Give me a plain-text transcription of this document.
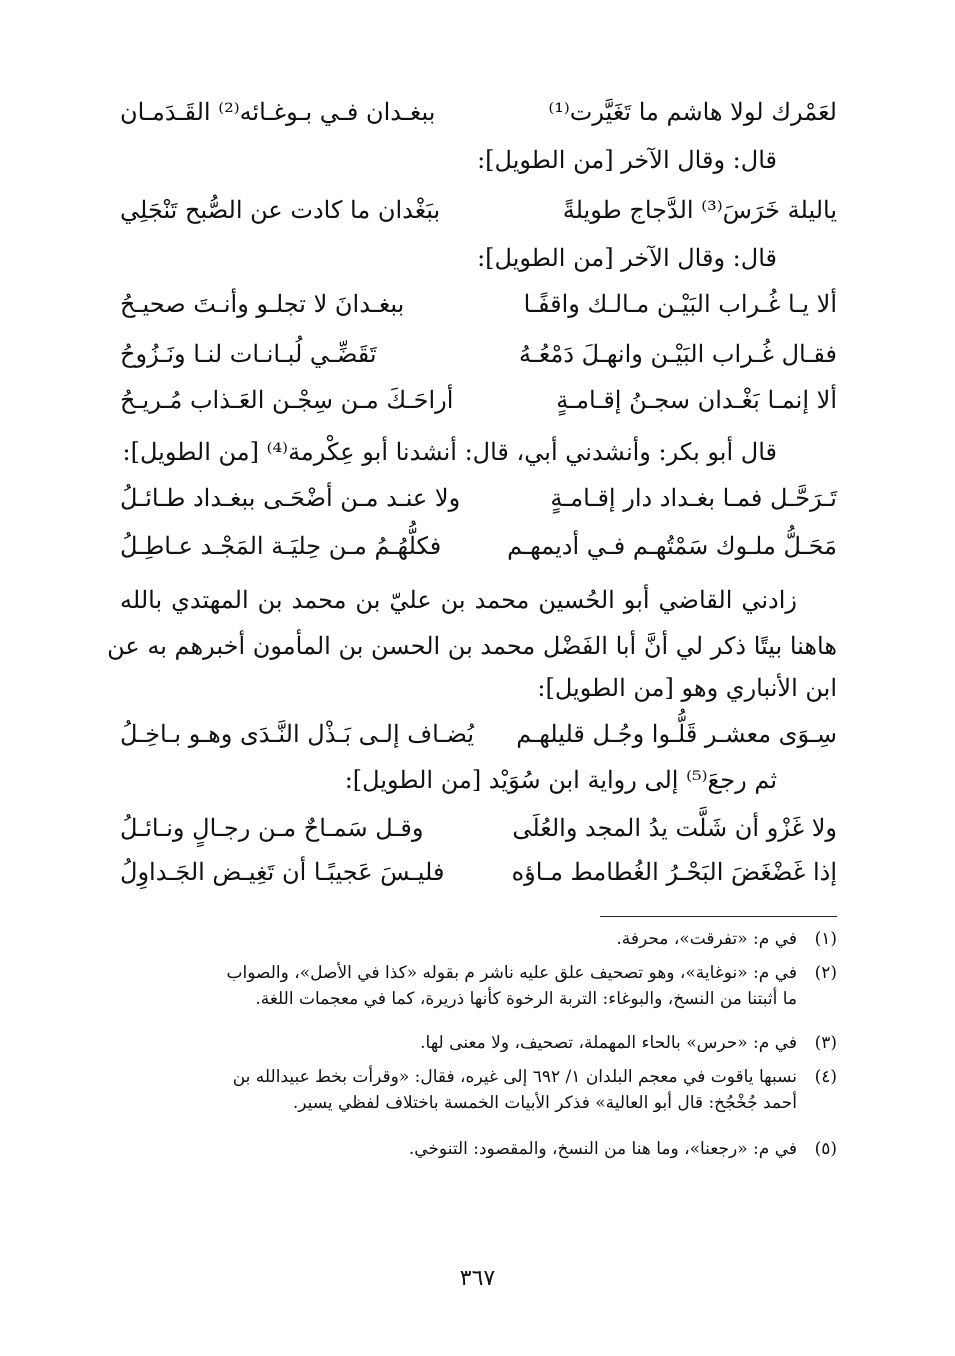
لعَمْرك لولا هاشم ما تَغَيَّرت⁽¹⁾
ببغـدان فـي بـوغـائه⁽²⁾ القَـدَمـان
قال: وقال الآخر [من الطويل]:
ياليلة خَرَسَ⁽³⁾ الدَّجاج طويلةً
ببَغْدان ما كادت عن الصُّبح تَنْجَلِي
قال: وقال الآخر [من الطويل]:
ألا يـا غُـراب البَيْـن مـالـك واقفًـا
ببغـدانَ لا تجلـو وأنـتَ صحيـحُ
فقـال غُـراب البَيْـن وانهـلَ دَمْعُـهُ
تَقَضِّـي لُبـانـات لنـا ونَـزُوحُ
ألا إنمـا بَغْـدان سجـنُ إقـامـةٍ
أراحَـكَ مـن سِجْـن العَـذاب مُـريـحُ
قال أبو بكر: وأنشدني أبي، قال: أنشدنا أبو عِكْرمة⁽⁴⁾ [من الطويل]:
تَـرَحَّـل فمـا بغـداد دار إقـامـةٍ
ولا عنـد مـن أضْحَـى ببغـداد طـائـلُ
مَحَـلُّ ملـوك سَمْتُهـم فـي أديمهـم
فكلُّهُـمُ مـن حِليَـة المَجْـد عـاطِـلُ
زادني القاضي أبو الحُسين محمد بن عليّ بن محمد بن المهتدي بالله
هاهنا بيتًا ذكر لي أنَّ أبا الفَضْل محمد بن الحسن بن المأمون أخبرهم به عن
ابن الأنباري وهو [من الطويل]:
سِـوَى معشـر قَلُّـوا وجُـل قليلهـم
يُضـاف إلـى بَـذْل النَّـدَى وهـو بـاخِـلُ
ثم رجعَ⁽⁵⁾ إلى رواية ابن سُوَيْد [من الطويل]:
ولا غَزْو أن شَلَّت يدُ المجد والعُلَى
وقـل سَمـاحٌ مـن رجـالٍ ونـائـلُ
إذا غَضْغَضَ البَحْـرُ الغُطامط مـاؤه
فليـسَ عَجيبًـا أن تَغِيـض الجَـداوِلُ
(١)في م: «تفرقت»، محرفة.
(٢)في م: «نوغاية»، وهو تصحيف علق عليه ناشر م بقوله «كذا في الأصل»، والصواب
ما أثبتنا من النسخ، والبوغاء: التربة الرخوة كأنها ذريرة، كما في معجمات اللغة.
(٣)في م: «حرس» بالحاء المهملة، تصحيف، ولا معنى لها.
(٤)نسبها ياقوت في معجم البلدان ١/ ٦٩٢ إلى غيره، فقال: «وقرأت بخط عبيدالله بن
أحمد جُخْجُخ: قال أبو العالية» فذكر الأبيات الخمسة باختلاف لفظي يسير.
(٥)في م: «رجعنا»، وما هنا من النسخ، والمقصود: التنوخي.
٣٦٧
